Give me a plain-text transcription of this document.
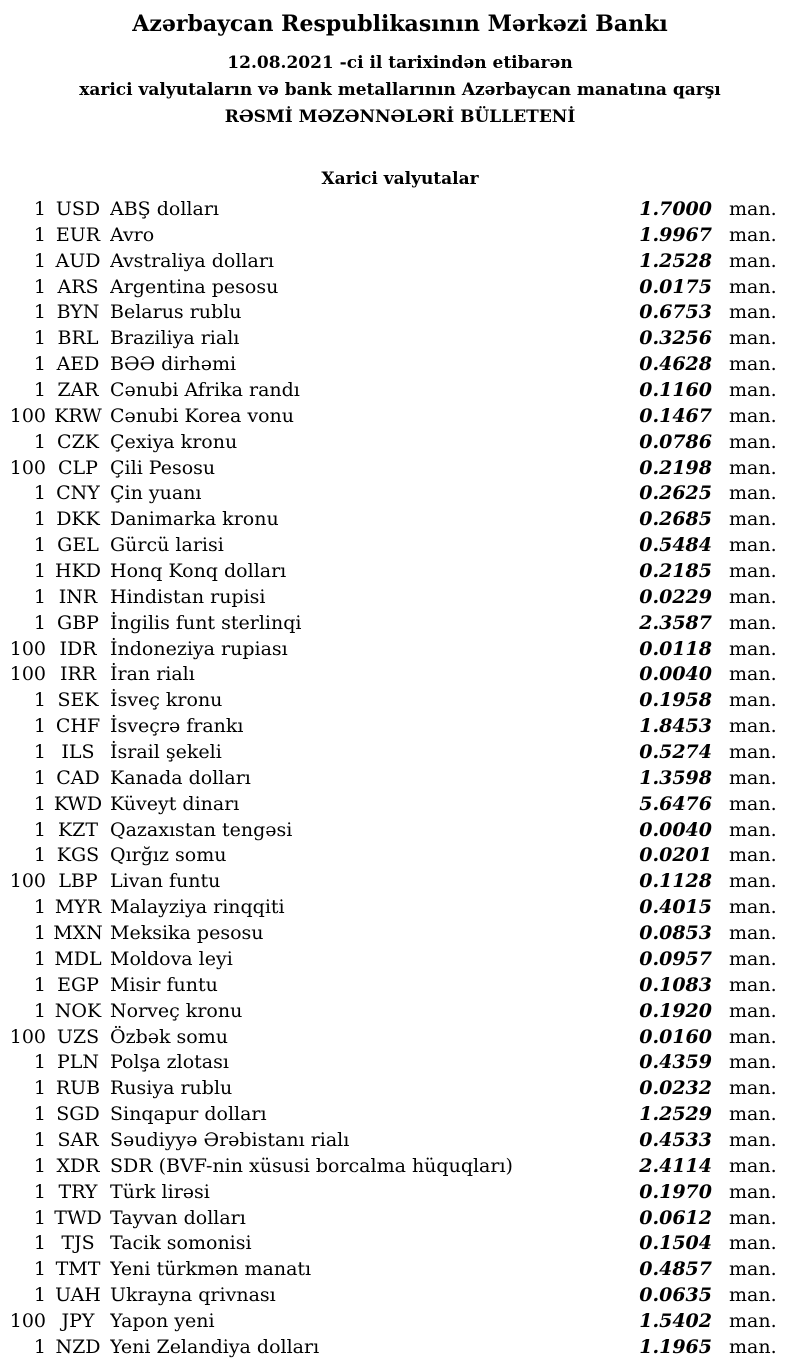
Azərbaycan Respublikasının Mərkəzi Bankı

12.08.2021 -ci il tarixindən etibarən

xarici valyutaların və bank metallarının Azərbaycan manatına qarşı

RƏSMİ MƏZƏNNƏLƏRİ BÜLLETENİ

Xarici valyutalar
1 USD ABŞ dolları	1.7000 man.
1 EUR Avro	1.9967 man.
1 AUD Avstraliya dolları	1.2528 man.
1 ARS Argentina pesosu	0.0175 man.
1 BYN Belarus rublu	0.6753 man.
1 BRL Braziliya rialı	0.3256 man.
1 AED BƏƏ dirhəmi	0.4628 man.
1 ZAR Cənubi Afrika randı	0.1160 man.
100 KRW Cənubi Korea vonu	0.1467 man.
1 CZK Çexiya kronu	0.0786 man.
100 CLP Çili Pesosu	0.2198 man.
1 CNY Çin yuanı	0.2625 man.
1 DKK Danimarka kronu	0.2685 man.
1 GEL Gürcü larisi	0.5484 man.
1 HKD Honq Konq dolları	0.2185 man.
1 INR Hindistan rupisi	0.0229 man.
1 GBP İngilis funt sterlinqi	2.3587 man.
100 IDR İndoneziya rupiası	0.0118 man.
100 IRR İran rialı	0.0040 man.
1 SEK İsveç kronu	0.1958 man.
1 CHF İsveçrə frankı	1.8453 man.
1 ILS İsrail şekeli	0.5274 man.
1 CAD Kanada dolları	1.3598 man.
1 KWD Küveyt dinarı	5.6476 man.
1 KZT Qazaxıstan tengəsi	0.0040 man.
1 KGS Qırğız somu	0.0201 man.
100 LBP Livan funtu	0.1128 man.
1 MYR Malayziya rinqqiti	0.4015 man.
1 MXN Meksika pesosu	0.0853 man.
1 MDL Moldova leyi	0.0957 man.
1 EGP Misir funtu	0.1083 man.
1 NOK Norveç kronu	0.1920 man.
100 UZS Özbək somu	0.0160 man.
1 PLN Polşa zlotası	0.4359 man.
1 RUB Rusiya rublu	0.0232 man.
1 SGD Sinqapur dolları	1.2529 man.
1 SAR Səudiyyə Ərəbistanı rialı	0.4533 man.
1 XDR SDR (BVF-nin xüsusi borcalma hüquqları)	2.4114 man.
1 TRY Türk lirəsi	0.1970 man.
1 TWD Tayvan dolları	0.0612 man.
1 TJS Tacik somonisi	0.1504 man.
1 TMT Yeni türkmən manatı	0.4857 man.
1 UAH Ukrayna qrivnası	0.0635 man.
100 JPY Yapon yeni	1.5402 man.
1 NZD Yeni Zelandiya dolları	1.1965 man.
